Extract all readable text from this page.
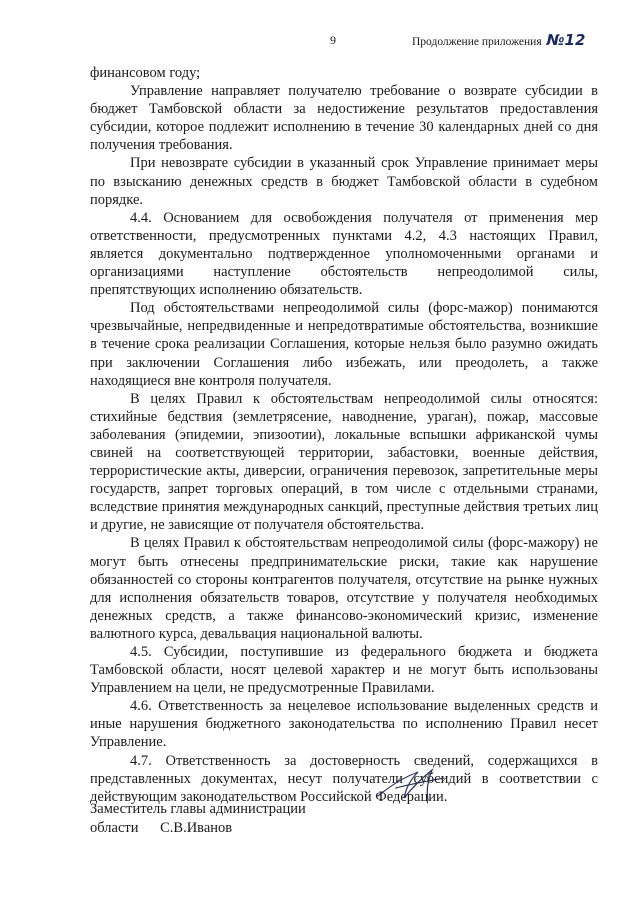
9	Продолжение приложения №12

финансовом году;

Управление направляет получателю требование о возврате субсидии в бюджет Тамбовской области за недостижение результатов предоставления субсидии, которое подлежит исполнению в течение 30 календарных дней со дня получения требования.

При невозврате субсидии в указанный срок Управление принимает меры по взысканию денежных средств в бюджет Тамбовской области в судебном порядке.

4.4. Основанием для освобождения получателя от применения мер ответственности, предусмотренных пунктами 4.2, 4.3 настоящих Правил, является документально подтвержденное уполномоченными органами и организациями наступление обстоятельств непреодолимой силы, препятствующих исполнению обязательств.

Под обстоятельствами непреодолимой силы (форс-мажор) понимаются чрезвычайные, непредвиденные и непредотвратимые обстоятельства, возникшие в течение срока реализации Соглашения, которые нельзя было разумно ожидать при заключении Соглашения либо избежать, или преодолеть, а также находящиеся вне контроля получателя.

В целях Правил к обстоятельствам непреодолимой силы относятся: стихийные бедствия (землетрясение, наводнение, ураган), пожар, массовые заболевания (эпидемии, эпизоотии), локальные вспышки африканской чумы свиней на соответствующей территории, забастовки, военные действия, террористические акты, диверсии, ограничения перевозок, запретительные меры государств, запрет торговых операций, в том числе с отдельными странами, вследствие принятия международных санкций, преступные действия третьих лиц и другие, не зависящие от получателя обстоятельства.

В целях Правил к обстоятельствам непреодолимой силы (форс-мажору) не могут быть отнесены предпринимательские риски, такие как нарушение обязанностей со стороны контрагентов получателя, отсутствие на рынке нужных для исполнения обязательств товаров, отсутствие у получателя необходимых денежных средств, а также финансово-экономический кризис, изменение валютного курса, девальвация национальной валюты.

4.5. Субсидии, поступившие из федерального бюджета и бюджета Тамбовской области, носят целевой характер и не могут быть использованы Управлением на цели, не предусмотренные Правилами.

4.6. Ответственность за нецелевое использование выделенных средств и иные нарушения бюджетного законодательства по исполнению Правил несет Управление.

4.7. Ответственность за достоверность сведений, содержащихся в представленных документах, несут получатели субсидий в соответствии с действующим законодательством Российской Федерации.

Заместитель главы администрации
области С.В.Иванов
